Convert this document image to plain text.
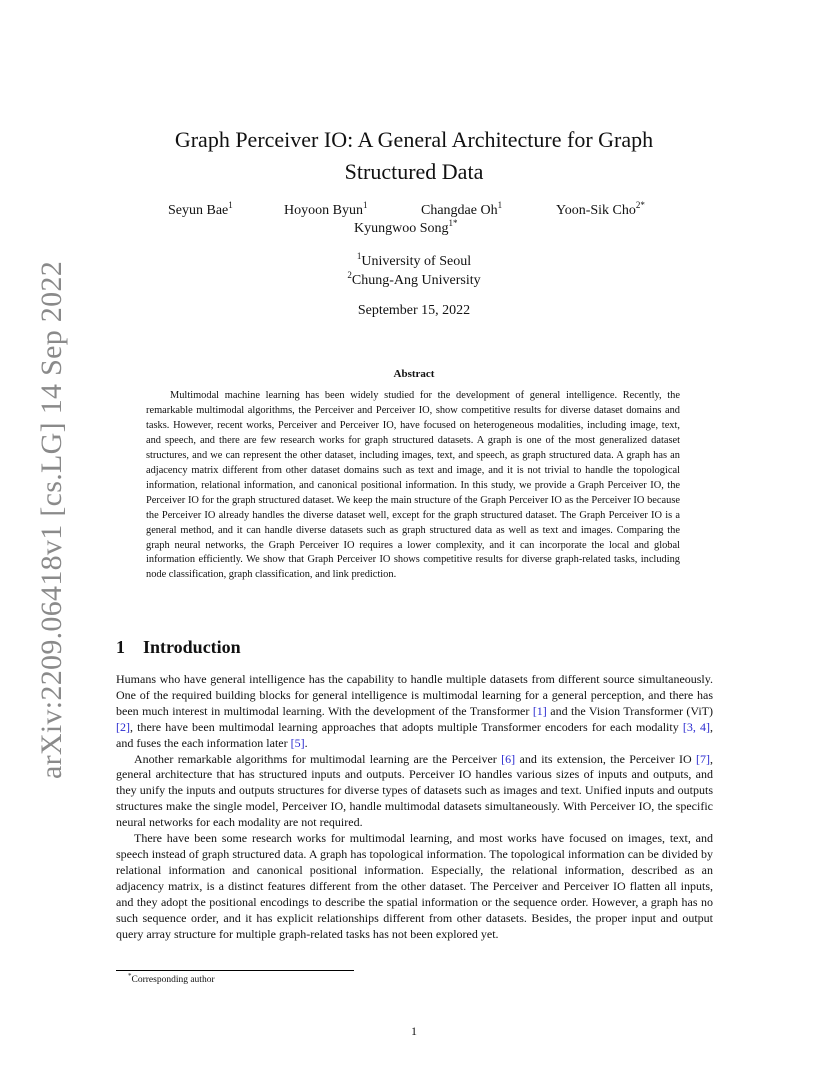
arXiv:2209.06418v1 [cs.LG] 14 Sep 2022
Graph Perceiver IO: A General Architecture for Graph Structured Data
Seyun Bae$^1$	Hoyoon Byun$^1$	Changdae Oh$^1$	Yoon-Sik Cho$^{2*}$
Kyungwoo Song$^{1*}$
$^1$University of Seoul
$^2$Chung-Ang University
September 15, 2022
Abstract

Multimodal machine learning has been widely studied for the development of general intelligence. Recently, the remarkable multimodal algorithms, the Perceiver and Perceiver IO, show competitive results for diverse dataset domains and tasks. However, recent works, Perceiver and Perceiver IO, have focused on heterogeneous modalities, including image, text, and speech, and there are few research works for graph structured datasets. A graph is one of the most generalized dataset structures, and we can represent the other dataset, including images, text, and speech, as graph structured data. A graph has an adjacency matrix different from other dataset domains such as text and image, and it is not trivial to handle the topological information, relational information, and canonical positional information. In this study, we provide a Graph Perceiver IO, the Perceiver IO for the graph structured dataset. We keep the main structure of the Graph Perceiver IO as the Perceiver IO because the Perceiver IO already handles the diverse dataset well, except for the graph structured dataset. The Graph Perceiver IO is a general method, and it can handle diverse datasets such as graph structured data as well as text and images. Comparing the graph neural networks, the Graph Perceiver IO requires a lower complexity, and it can incorporate the local and global information efficiently. We show that Graph Perceiver IO shows competitive results for diverse graph-related tasks, including node classification, graph classification, and link prediction.

1 Introduction

Humans who have general intelligence has the capability to handle multiple datasets from different source simultaneously. One of the required building blocks for general intelligence is multimodal learning for a general perception, and there has been much interest in multimodal learning. With the development of the Transformer [1] and the Vision Transformer (ViT) [2], there have been multimodal learning approaches that adopts multiple Transformer encoders for each modality [3, 4], and fuses the each information later [5].

Another remarkable algorithms for multimodal learning are the Perceiver [6] and its extension, the Perceiver IO [7], general architecture that has structured inputs and outputs. Perceiver IO handles various sizes of inputs and outputs, and they unify the inputs and outputs structures for diverse types of datasets such as images and text. Unified inputs and outputs structures make the single model, Perceiver IO, handle multimodal datasets simultaneously. With Perceiver IO, the specific neural networks for each modality are not required.

There have been some research works for multimodal learning, and most works have focused on images, text, and speech instead of graph structured data. A graph has topological information. The topological information can be divided by relational information and canonical positional information. Especially, the relational information, described as an adjacency matrix, is a distinct features different from the other dataset. The Perceiver and Perceiver IO flatten all inputs, and they adopt the positional encodings to describe the spatial information or the sequence order. However, a graph has no such sequence order, and it has explicit relationships different from other datasets. Besides, the proper input and output query array structure for multiple graph-related tasks has not been explored yet.

*Corresponding author
1
